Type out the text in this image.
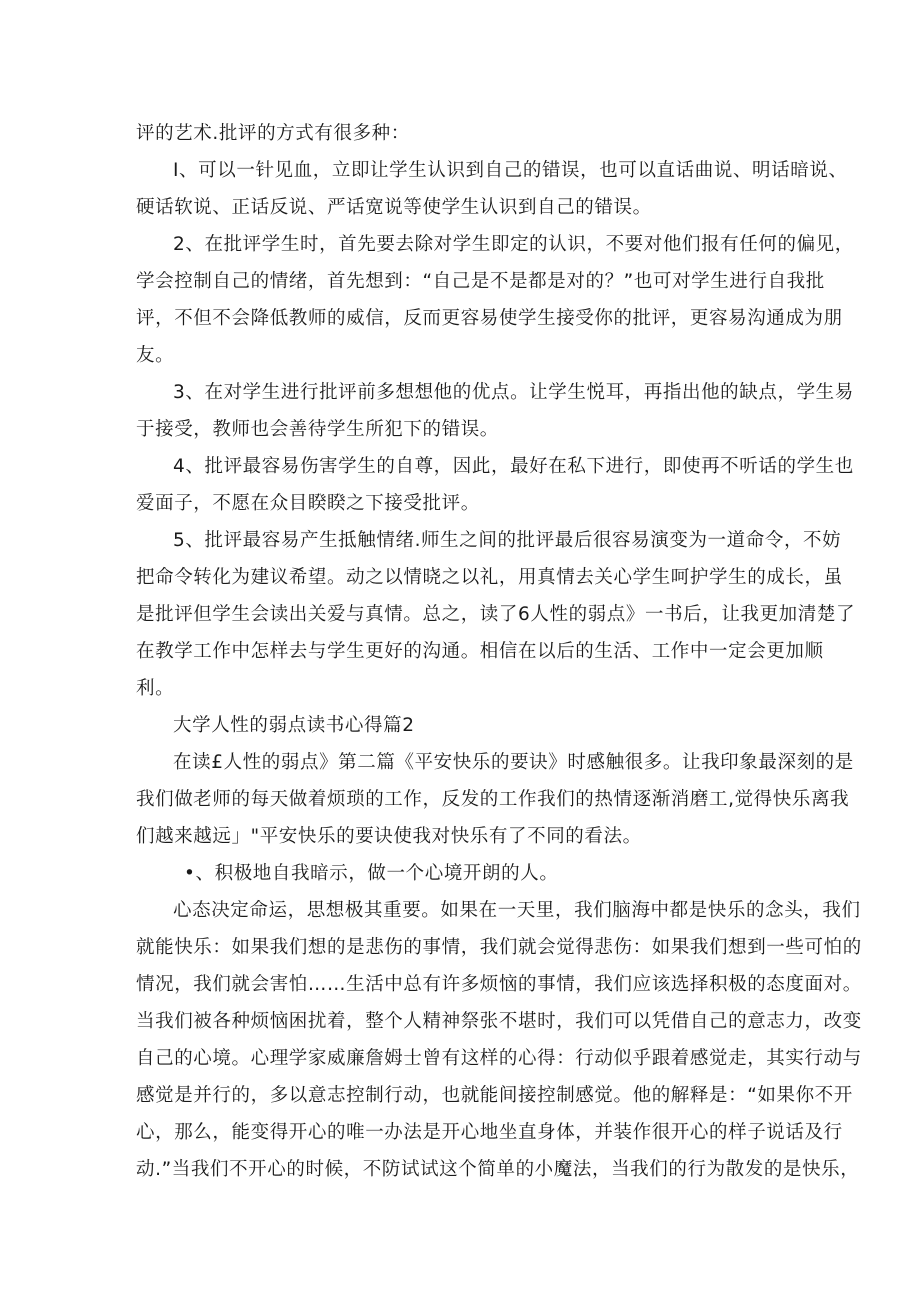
评的艺术.批评的方式有很多种：
I、可以一针见血，立即让学生认识到自己的错误，也可以直话曲说、明话暗说、
硬话软说、正话反说、严话宽说等使学生认识到自己的错误。
2、在批评学生时，首先要去除对学生即定的认识，不要对他们报有任何的偏见，
学会控制自己的情绪，首先想到：“自己是不是都是对的？”也可对学生进行自我批
评，不但不会降低教师的威信，反而更容易使学生接受你的批评，更容易沟通成为朋
友。
3、在对学生进行批评前多想想他的优点。让学生悦耳，再指出他的缺点，学生易
于接受，教师也会善待学生所犯下的错误。
4、批评最容易伤害学生的自尊，因此，最好在私下进行，即使再不听话的学生也
爱面子，不愿在众目睽睽之下接受批评。
5、批评最容易产生抵触情绪.师生之间的批评最后很容易演变为一道命令，不妨
把命令转化为建议希望。动之以情晓之以礼，用真情去关心学生呵护学生的成长，虽
是批评但学生会读出关爱与真情。总之，读了6人性的弱点》一书后，让我更加清楚了
在教学工作中怎样去与学生更好的沟通。相信在以后的生活、工作中一定会更加顺
利。
大学人性的弱点读书心得篇2
在读£人性的弱点》第二篇《平安快乐的要诀》时感触很多。让我印象最深刻的是
我们做老师的每天做着烦琐的工作，反发的工作我们的热情逐渐消磨工,觉得快乐离我
们越来越远」"平安快乐的要诀使我对快乐有了不同的看法。
•、积极地自我暗示，做一个心境开朗的人。
心态决定命运，思想极其重要。如果在一天里，我们脑海中都是快乐的念头，我们
就能快乐：如果我们想的是悲伤的事情，我们就会觉得悲伤：如果我们想到一些可怕的
情况，我们就会害怕……生活中总有许多烦恼的事情，我们应该选择积极的态度面对。
当我们被各种烦恼困扰着，整个人精神祭张不堪时，我们可以凭借自己的意志力，改变
自己的心境。心理学家威廉詹姆士曾有这样的心得：行动似乎跟着感觉走，其实行动与
感觉是并行的，多以意志控制行动，也就能间接控制感觉。他的解释是：“如果你不开
心，那么，能变得开心的唯一办法是开心地坐直身体，并装作很开心的样子说话及行
动.”当我们不开心的时候，不防试试这个简单的小魔法，当我们的行为散发的是快乐，
